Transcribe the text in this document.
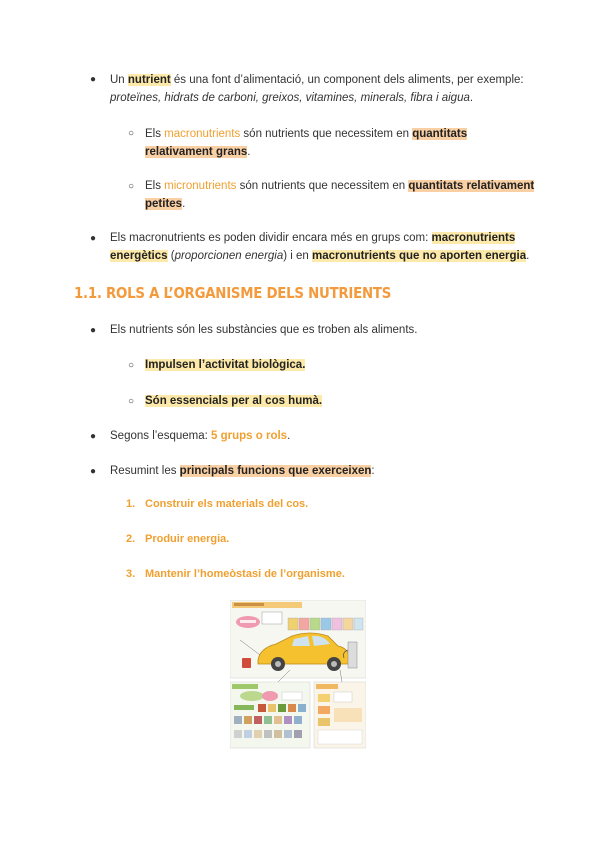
● Un nutrient és una font d’alimentació, un component dels aliments, per exemple:
proteïnes, hidrats de carboni, greixos, vitamines, minerals, fibra i aigua.
○ Els macronutrients són nutrients que necessitem en quantitats
relativament grans.
○ Els micronutrients són nutrients que necessitem en quantitats relativament
petites.
● Els macronutrients es poden dividir encara més en grups com: macronutrients
energètics (proporcionen energia) i en macronutrients que no aporten energia.
1.1. ROLS A L’ORGANISME DELS NUTRIENTS
● Els nutrients són les substàncies que es troben als aliments.
○ Impulsen l’activitat biològica.
○ Són essencials per al cos humà.
● Segons l’esquema: 5 grups o rols.
● Resumint les principals funcions que exerceixen:
1. Construir els materials del cos.
2. Produir energia.
3. Mantenir l’homeòstasi de l’organisme.
